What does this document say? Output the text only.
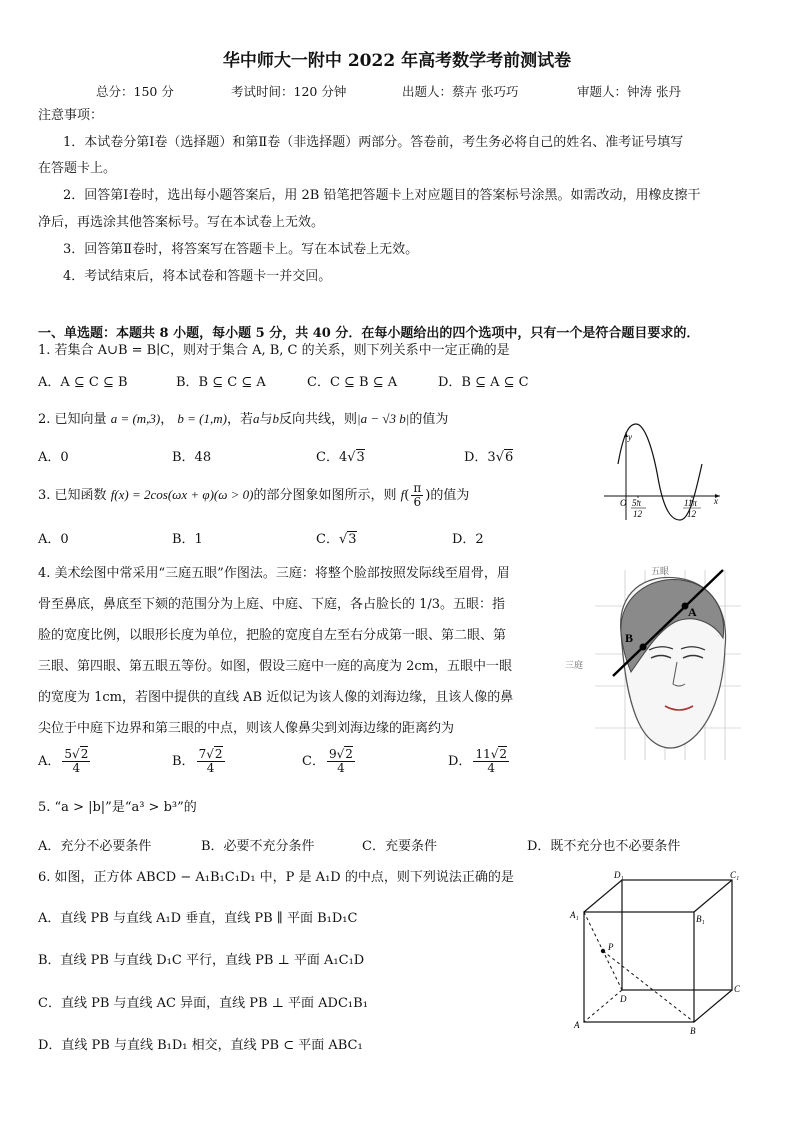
华中师大一附中 2022 年高考数学考前测试卷
总分：150 分	考试时间：120 分钟	出题人：蔡卉 张巧巧	审题人：钟涛 张丹
注意事项：
1．本试卷分第Ⅰ卷（选择题）和第Ⅱ卷（非选择题）两部分。答卷前，考生务必将自己的姓名、准考证号填写
在答题卡上。
2．回答第Ⅰ卷时，选出每小题答案后，用 2B 铅笔把答题卡上对应题目的答案标号涂黑。如需改动，用橡皮擦干
净后，再选涂其他答案标号。写在本试卷上无效。
3．回答第Ⅱ卷时，将答案写在答题卡上。写在本试卷上无效。
4．考试结束后，将本试卷和答题卡一并交回。
一、单选题：本题共 8 小题，每小题 5 分，共 40 分．在每小题给出的四个选项中，只有一个是符合题目要求的．
1. 若集合 A∪B = B∣C，则对于集合 A, B, C 的关系，则下列关系中一定正确的是
A．A ⊆ C ⊆ B	B．B ⊆ C ⊆ A	C．C ⊆ B ⊆ A	D．B ⊆ A ⊆ C
2. 已知向量 a = (m,3)， b = (1,m)，若a与b反向共线，则|a − √3 b|的值为
A．0	B．48	C．4√3	D．3√6
3. 已知函数 f(x) = 2cos(ωx + φ)(ω > 0)的部分图象如图所示，则 $f( \frac{\pi}{6}$ )的值为
A．0	B．1	C．√3	D．2
y
x
O 5π
12
11π
12
4. 美术绘图中常采用“三庭五眼”作图法。三庭：将整个脸部按照发际线至眉骨，眉
骨至鼻底，鼻底至下颏的范围分为上庭、中庭、下庭，各占脸长的 1/3。五眼：指
脸的宽度比例，以眼形长度为单位，把脸的宽度自左至右分成第一眼、第二眼、第
三眼、第四眼、第五眼五等份。如图，假设三庭中一庭的高度为 2cm，五眼中一眼
的宽度为 1cm，若图中提供的直线 AB 近似记为该人像的刘海边缘，且该人像的鼻
尖位于中庭下边界和第三眼的中点，则该人像鼻尖到刘海边缘的距离约为
A． $\frac{5√2}{4}$	B． $\frac{7√2}{4}$	C． $\frac{9√2}{4}$	D． $\frac{11√2}{4}$
A
B
五眼
三庭
5. “a > |b|”是“a³ > b³”的
A．充分不必要条件	B．必要不充分条件	C．充要条件	D．既不充分也不必要条件
6. 如图，正方体 ABCD − A₁B₁C₁D₁ 中，P 是 A₁D 的中点，则下列说法正确的是
A．直线 PB 与直线 A₁D 垂直，直线 PB ∥ 平面 B₁D₁C
B．直线 PB 与直线 D₁C 平行，直线 PB ⊥ 平面 A₁C₁D
C．直线 PB 与直线 AC 异面，直线 PB ⊥ 平面 ADC₁B₁
D．直线 PB 与直线 B₁D₁ 相交，直线 PB ⊂ 平面 ABC₁
A₁
D₁	C₁
B₁
P
D
C
A
B
